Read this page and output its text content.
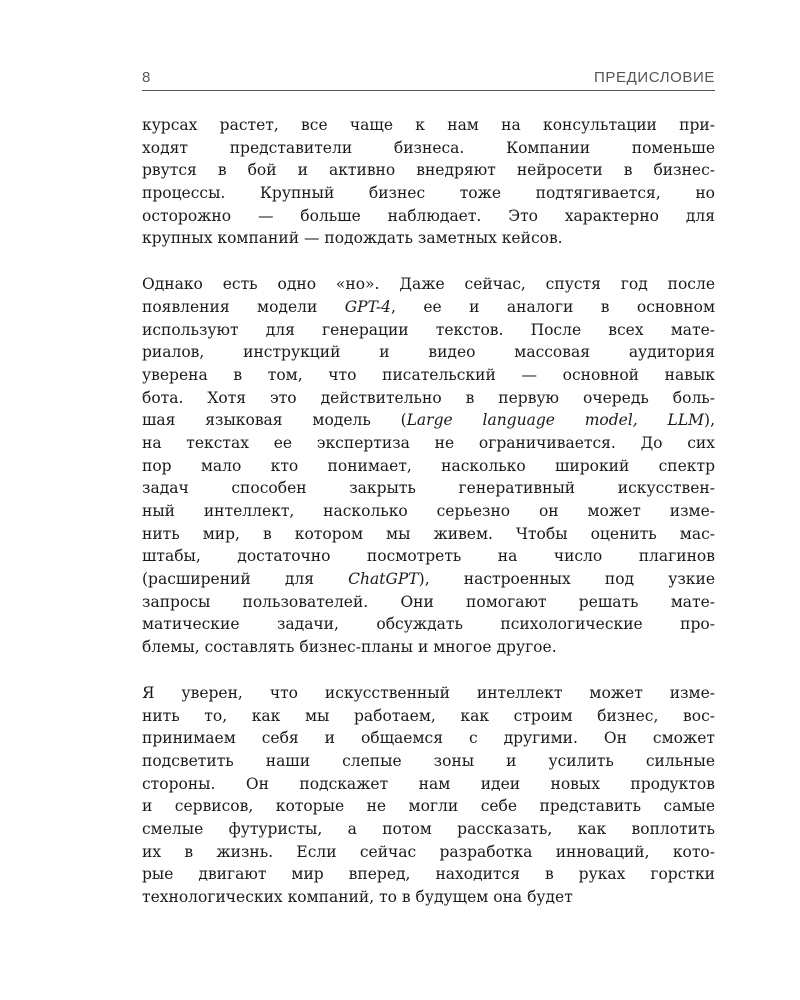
8	ПРЕДИСЛОВИЕ
курсах растет, все чаще к нам на консультации при-
ходят представители бизнеса. Компании поменьше
рвутся в бой и активно внедряют нейросети в бизнес-
процессы. Крупный бизнес тоже подтягивается, но
осторожно — больше наблюдает. Это характерно для
крупных компаний — подождать заметных кейсов.
Однако есть одно «но». Даже сейчас, спустя год после
появления модели GPT-4, ее и аналоги в основном
используют для генерации текстов. После всех мате-
риалов, инструкций и видео массовая аудитория
уверена в том, что писательский — основной навык
бота. Хотя это действительно в первую очередь боль-
шая языковая модель (Large language model, LLM),
на текстах ее экспертиза не ограничивается. До сих
пор мало кто понимает, насколько широкий спектр
задач способен закрыть генеративный искусствен-
ный интеллект, насколько серьезно он может изме-
нить мир, в котором мы живем. Чтобы оценить мас-
штабы, достаточно посмотреть на число плагинов
(расширений для ChatGPT), настроенных под узкие
запросы пользователей. Они помогают решать мате-
матические задачи, обсуждать психологические про-
блемы, составлять бизнес-планы и многое другое.
Я уверен, что искусственный интеллект может изме-
нить то, как мы работаем, как строим бизнес, вос-
принимаем себя и общаемся с другими. Он сможет
подсветить наши слепые зоны и усилить сильные
стороны. Он подскажет нам идеи новых продуктов
и сервисов, которые не могли себе представить самые
смелые футуристы, а потом рассказать, как воплотить
их в жизнь. Если сейчас разработка инноваций, кото-
рые двигают мир вперед, находится в руках горстки
технологических компаний, то в будущем она будет
